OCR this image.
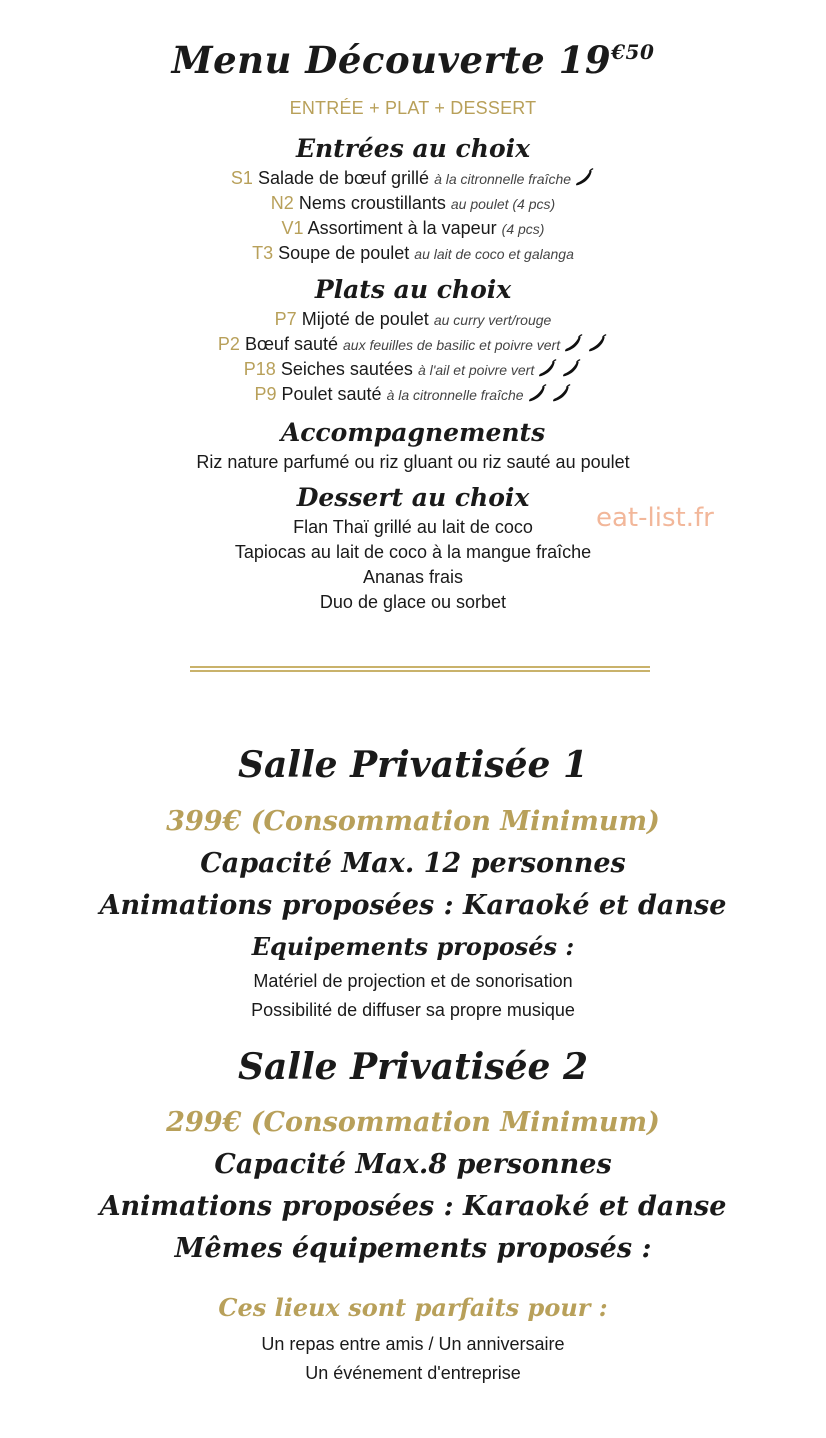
Menu Découverte $19^{€50}$
ENTRÉE + PLAT + DESSERT
Entrées au choix
S1 Salade de bœuf grillé à la citronnelle fraîche
N2 Nems croustillants au poulet (4 pcs)
V1 Assortiment à la vapeur (4 pcs)
T3 Soupe de poulet au lait de coco et galanga
Plats au choix
P7 Mijoté de poulet au curry vert/rouge
P2 Bœuf sauté aux feuilles de basilic et poivre vert
P18 Seiches sautées à l'ail et poivre vert
P9 Poulet sauté à la citronnelle fraîche
Accompagnements
Riz nature parfumé ou riz gluant ou riz sauté au poulet
Dessert au choix
Flan Thaï grillé au lait de coco
Tapiocas au lait de coco à la mangue fraîche
Ananas frais
Duo de glace ou sorbet
eat-list.fr
Salle Privatisée 1
399€ (Consommation Minimum)
Capacité Max. 12 personnes
Animations proposées : Karaoké et danse
Equipements proposés :
Matériel de projection et de sonorisation
Possibilité de diffuser sa propre musique
Salle Privatisée 2
299€ (Consommation Minimum)
Capacité Max.8 personnes
Animations proposées : Karaoké et danse
Mêmes équipements proposés :
Ces lieux sont parfaits pour :
Un repas entre amis / Un anniversaire
Un événement d'entreprise
